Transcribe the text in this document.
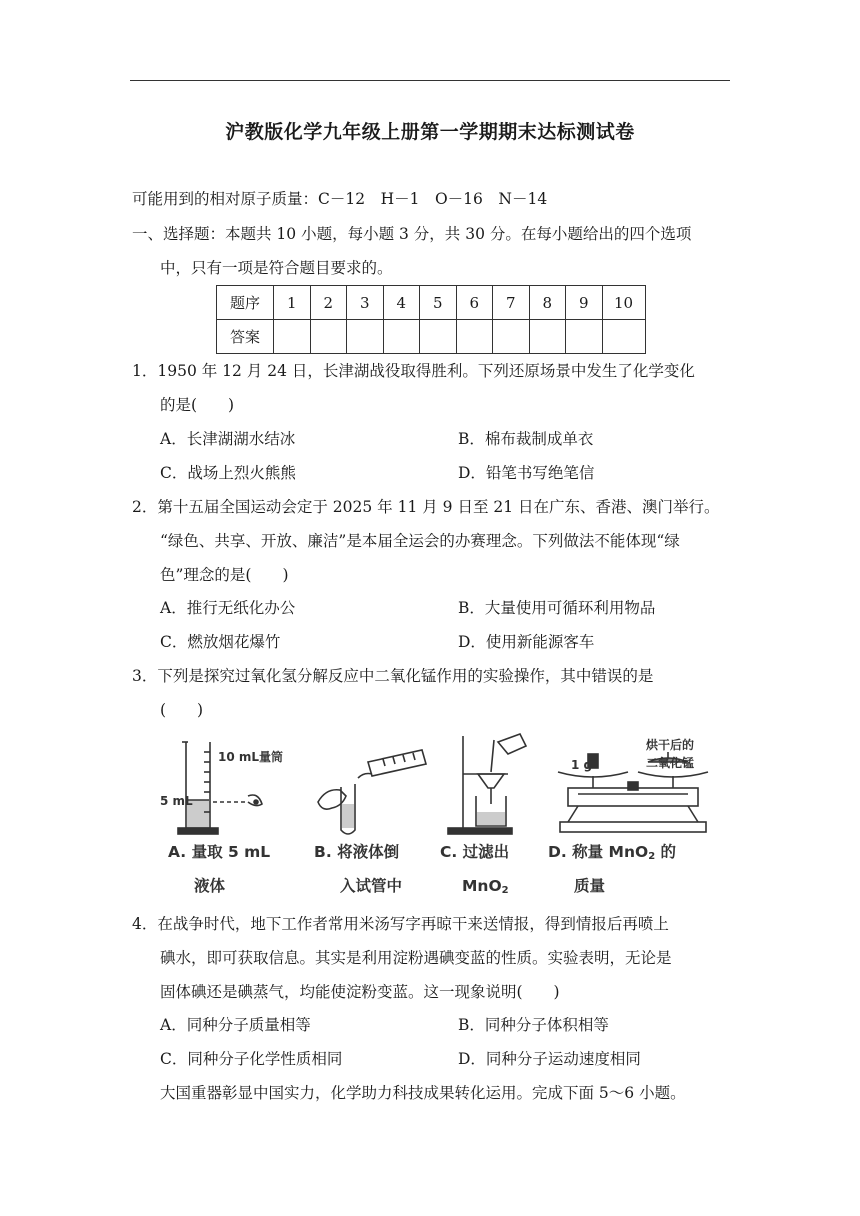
沪教版化学九年级上册第一学期期末达标测试卷
可能用到的相对原子质量：C－12　H－1　O－16　N－14
一、选择题：本题共 10 小题，每小题 3 分，共 30 分。在每小题给出的四个选项
中，只有一项是符合题目要求的。
题序	1	2	3	4	5	6	7	8	9	10
答案										
1．1950 年 12 月 24 日，长津湖战役取得胜利。下列还原场景中发生了化学变化
的是(　　)
A．长津湖湖水结冰	B．棉布裁制成单衣
C．战场上烈火熊熊	D．铅笔书写绝笔信
2．第十五届全国运动会定于 2025 年 11 月 9 日至 21 日在广东、香港、澳门举行。
“绿色、共享、开放、廉洁”是本届全运会的办赛理念。下列做法不能体现“绿
色”理念的是(　　)
A．推行无纸化办公	B．大量使用可循环利用物品
C．燃放烟花爆竹	D．使用新能源客车
3．下列是探究过氧化氢分解反应中二氧化锰作用的实验操作，其中错误的是
(　　)
10 mL量筒
5 mL
1 g
烘干后的
二氧化锰
A. 量取 5 mL
液体
B. 将液体倒
入试管中
C. 过滤出
MnO$_2$
D. 称量 MnO$_2$ 的
质量
4．在战争时代，地下工作者常用米汤写字再晾干来送情报，得到情报后再喷上
碘水，即可获取信息。其实是利用淀粉遇碘变蓝的性质。实验表明，无论是
固体碘还是碘蒸气，均能使淀粉变蓝。这一现象说明(　　)
A．同种分子质量相等	B．同种分子体积相等
C．同种分子化学性质相同	D．同种分子运动速度相同
大国重器彰显中国实力，化学助力科技成果转化运用。完成下面 5～6 小题。
